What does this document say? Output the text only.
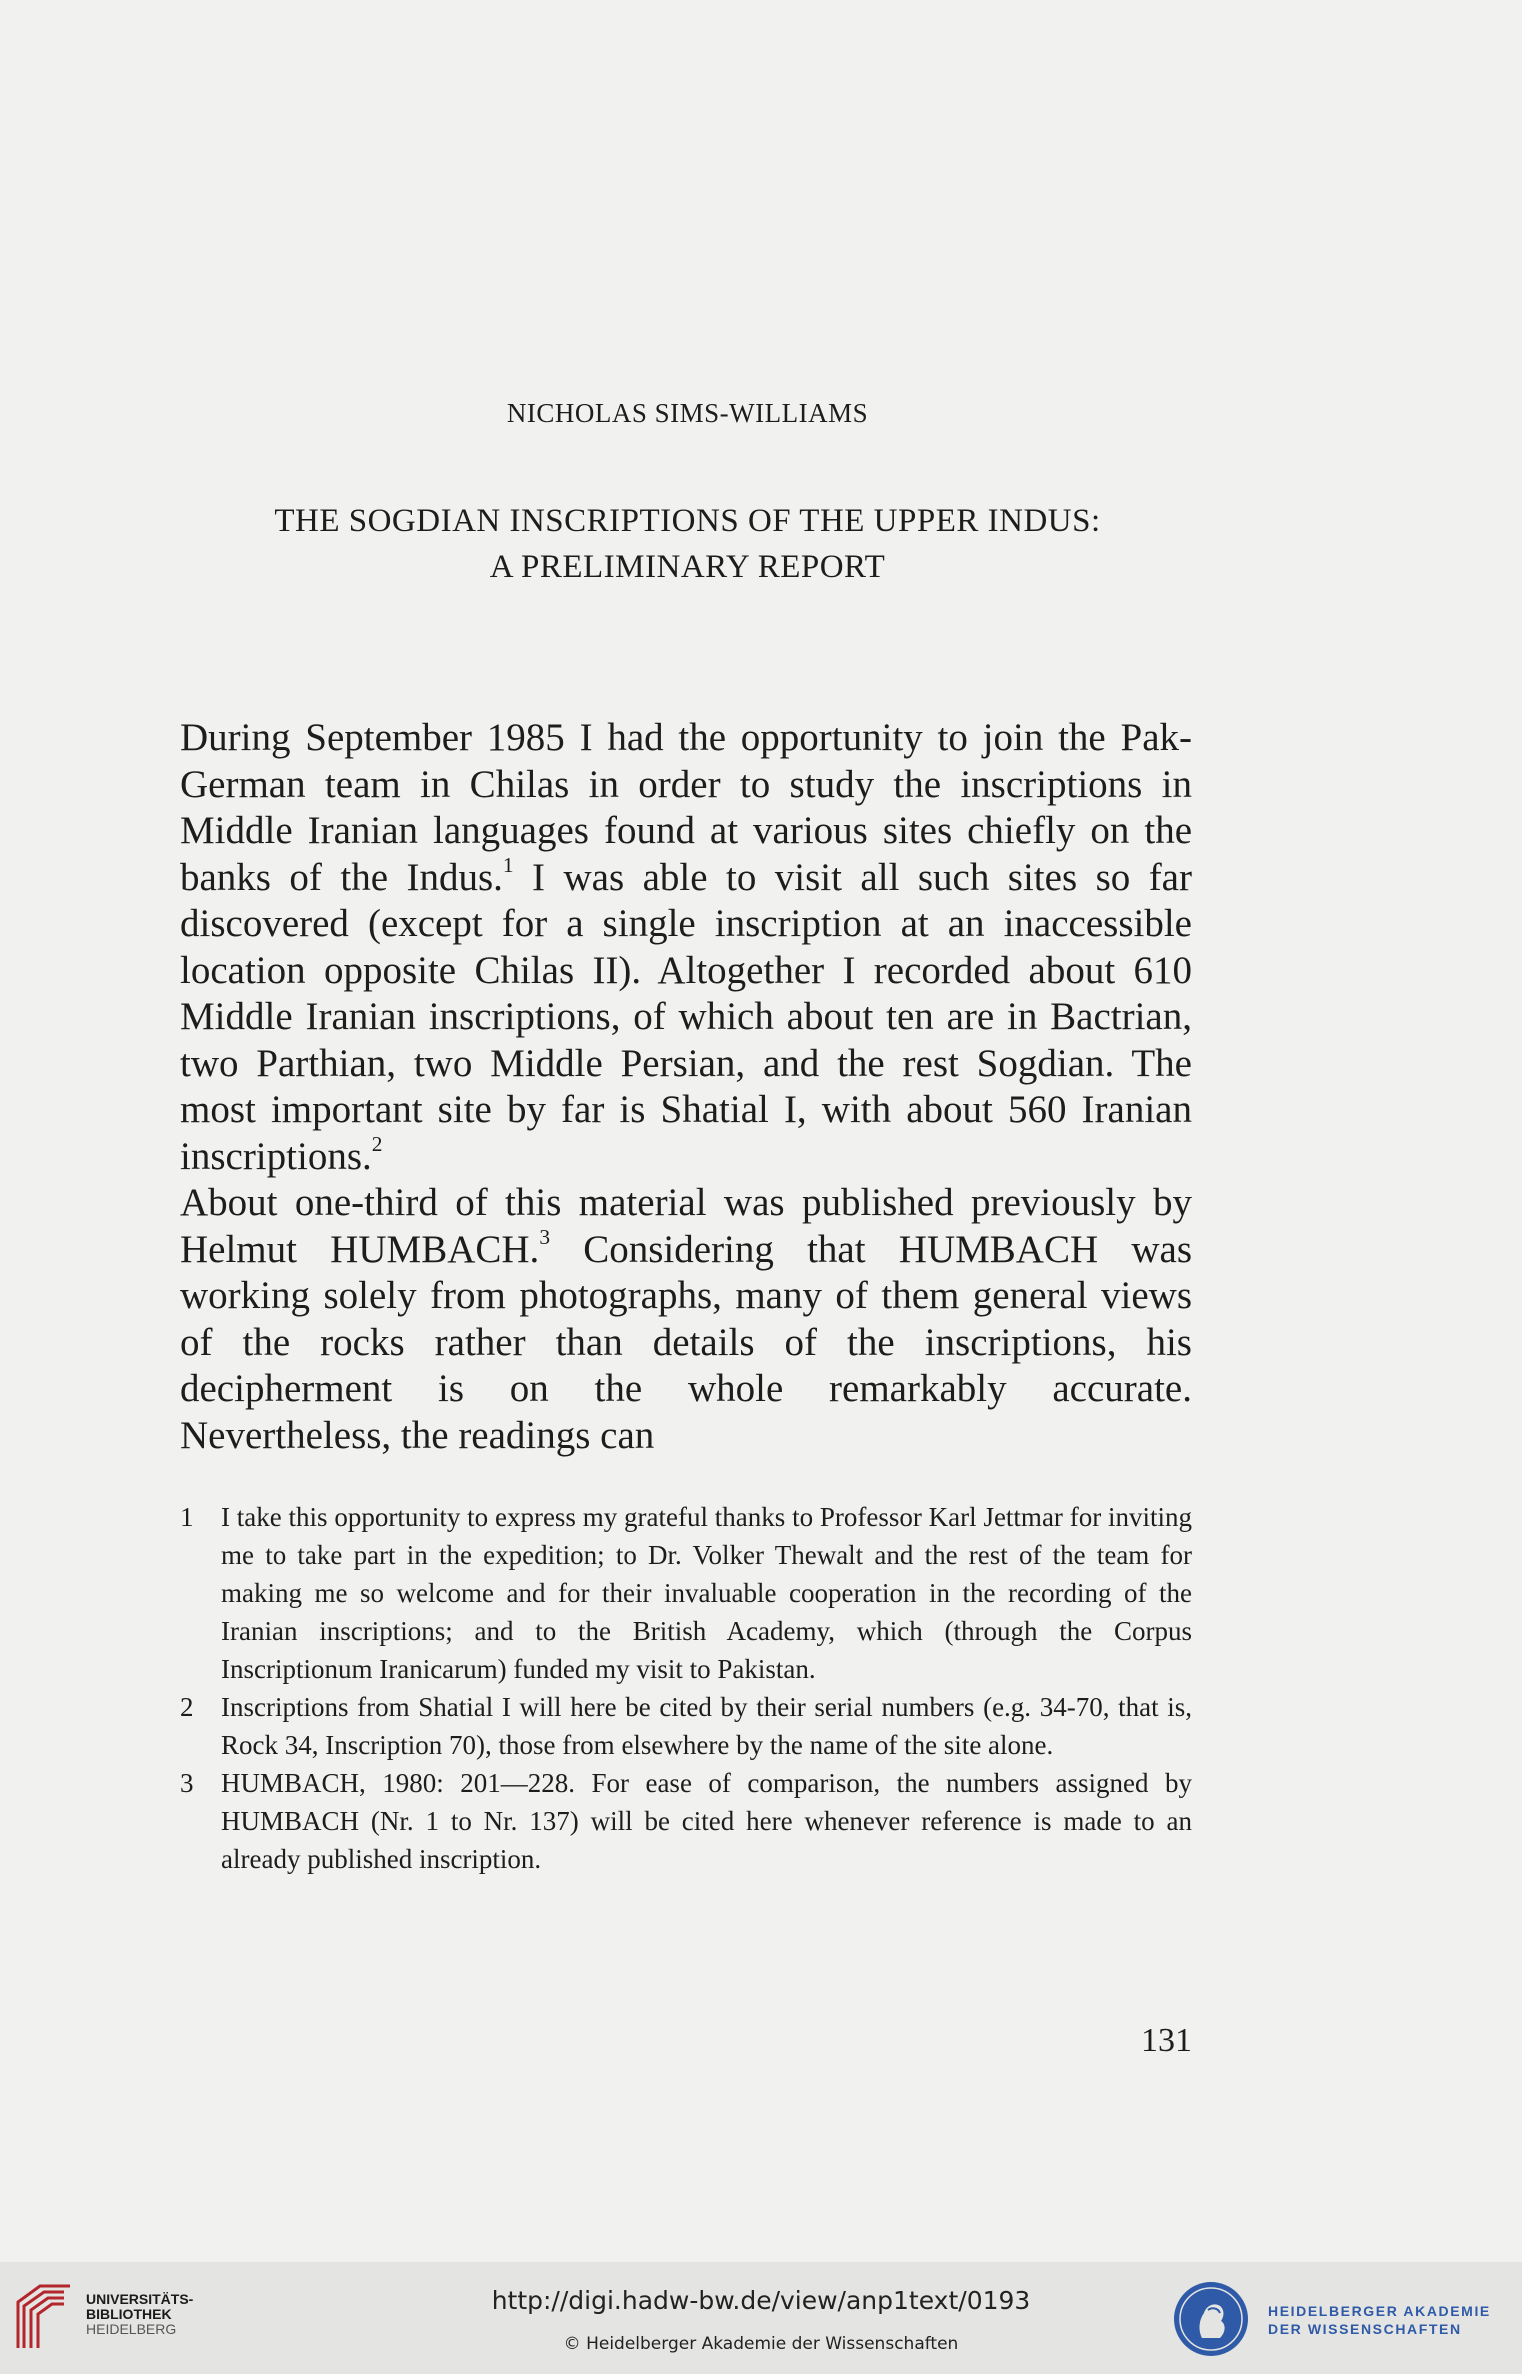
NICHOLAS SIMS-WILLIAMS
THE SOGDIAN INSCRIPTIONS OF THE UPPER INDUS:
A PRELIMINARY REPORT

During September 1985 I had the opportunity to join the Pak-German team in Chilas in order to study the inscriptions in Middle Iranian languages found at various sites chiefly on the banks of the Indus.$^1$ I was able to visit all such sites so far discovered (except for a single inscription at an inaccessible location opposite Chilas II). Altogether I recorded about 610 Middle Iranian inscriptions, of which about ten are in Bactrian, two Parthian, two Middle Persian, and the rest Sogdian. The most important site by far is Shatial I, with about 560 Iranian inscriptions.$^2$

About one-third of this material was published previously by Helmut HUMBACH.$^3$ Considering that HUMBACH was working solely from photographs, many of them general views of the rocks rather than details of the inscriptions, his decipherment is on the whole remarkably accurate. Nevertheless, the readings can

1 I take this opportunity to express my grateful thanks to Professor Karl Jettmar for inviting me to take part in the expedition; to Dr. Volker Thewalt and the rest of the team for making me so welcome and for their invaluable cooperation in the recording of the Iranian inscriptions; and to the British Academy, which (through the Corpus Inscriptionum Iranicarum) funded my visit to Pakistan.

2 Inscriptions from Shatial I will here be cited by their serial numbers (e.g. 34-70, that is, Rock 34, Inscription 70), those from elsewhere by the name of the site alone.

3 HUMBACH, 1980: 201—228. For ease of comparison, the numbers assigned by HUMBACH (Nr. 1 to Nr. 137) will be cited here whenever reference is made to an already published inscription.

131
UNIVERSITÄTS-
BIBLIOTHEK
HEIDELBERG
http://digi.hadw-bw.de/view/anp1text/0193
© Heidelberger Akademie der Wissenschaften
HEIDELBERGER AKADEMIE
DER WISSENSCHAFTEN
